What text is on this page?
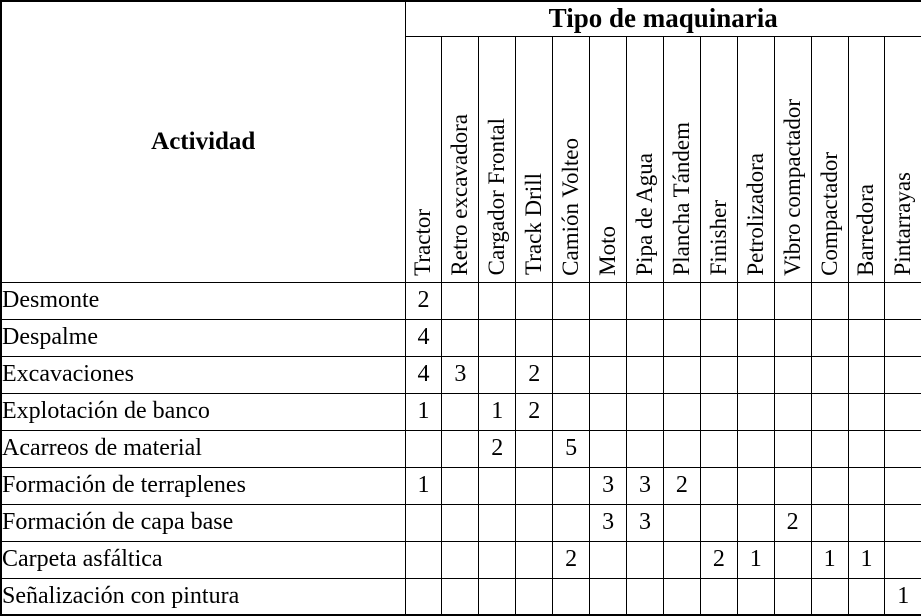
Actividad	Tipo de maquinaria													
	Tractor	Retro excavadora	Cargador Frontal	Track Drill	Camión Volteo	Moto	Pipa de Agua	Plancha Tándem	Finisher	Petrolizadora	Vibro compactador	Compactador	Barredora	Pintarrayas
Desmonte	2													
Despalme	4													
Excavaciones	4	3		2										
Explotación de banco	1		1	2										
Acarreos de material			2		5									
Formación de terraplenes	1					3	3	2						
Formación de capa base						3	3				2			
Carpeta asfáltica					2				2	1		1	1	
Señalización con pintura														1
